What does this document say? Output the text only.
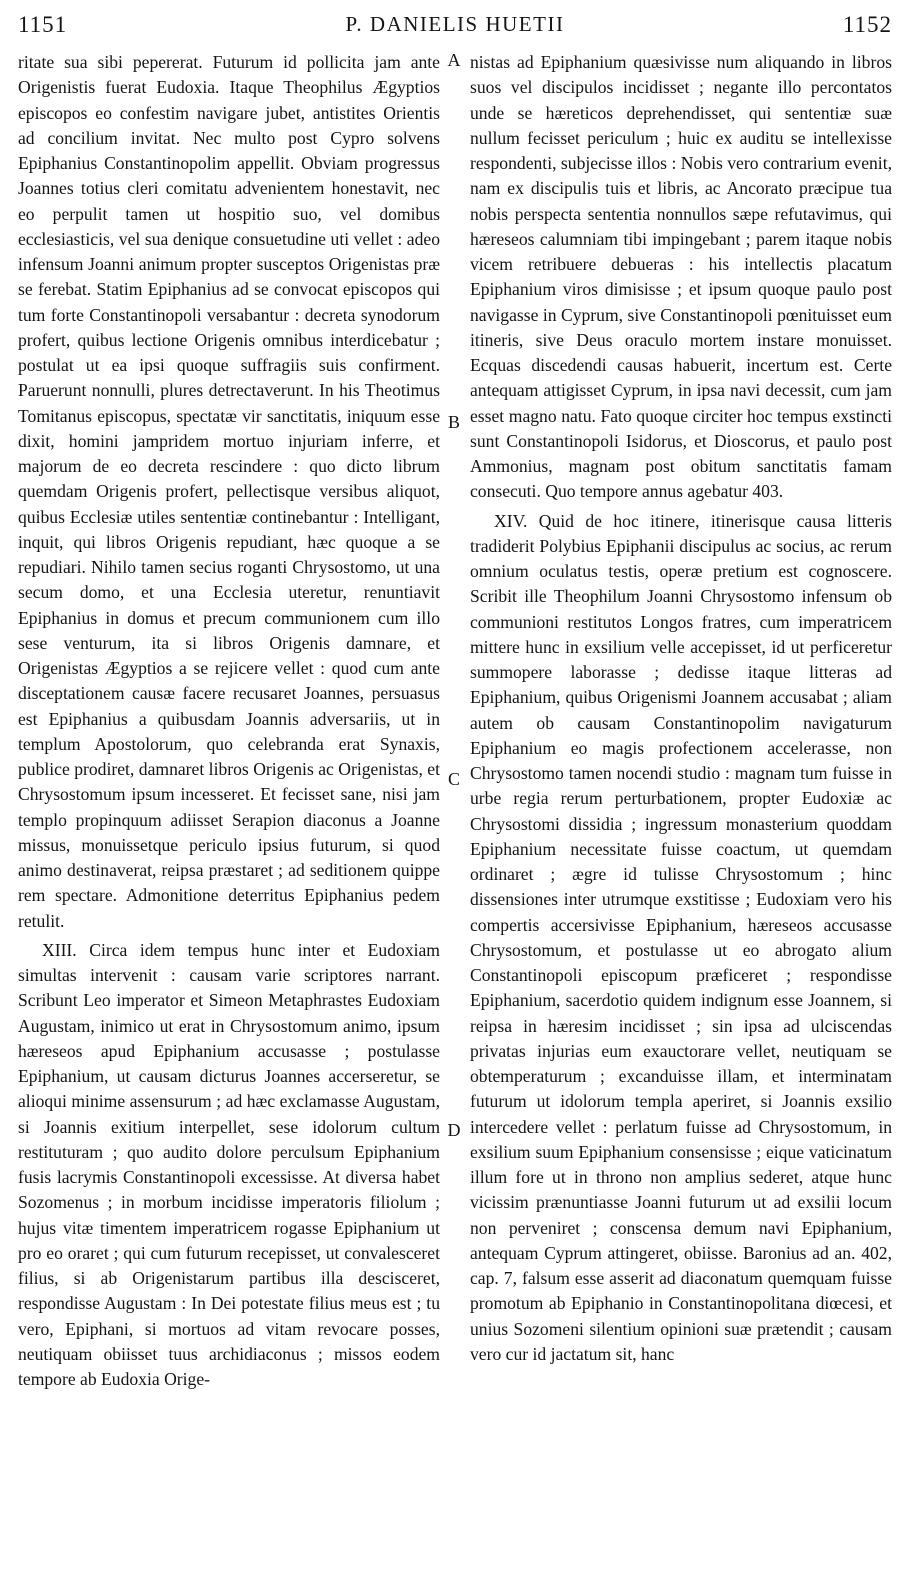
1151	P. DANIELIS HUETII	1152

ritate sua sibi pepererat. Futurum id pollicita jam ante Origenistis fuerat Eudoxia. Itaque Theophilus Ægyptios episcopos eo confestim navigare jubet, antistites Orientis ad concilium invitat. Nec multo post Cypro solvens Epiphanius Constantinopolim appellit. Obviam progressus Joannes totius cleri comitatu advenientem honestavit, nec eo perpulit tamen ut hospitio suo, vel domibus ecclesiasticis, vel sua denique consuetudine uti vellet : adeo infensum Joanni animum propter susceptos Origenistas præ se ferebat. Statim Epiphanius ad se convocat episcopos qui tum forte Constantinopoli versabantur : decreta synodorum profert, quibus lectione Origenis omnibus interdicebatur ; postulat ut ea ipsi quoque suffragiis suis confirment. Paruerunt nonnulli, plures detrectaverunt. In his Theotimus Tomitanus episcopus, spectatæ vir sanctitatis, iniquum esse dixit, homini jampridem mortuo injuriam inferre, et majorum de eo decreta rescindere : quo dicto librum quemdam Origenis profert, pellectisque versibus aliquot, quibus Ecclesiæ utiles sententiæ continebantur : Intelligant, inquit, qui libros Origenis repudiant, hæc quoque a se repudiari. Nihilo tamen secius roganti Chrysostomo, ut una secum domo, et una Ecclesia uteretur, renuntiavit Epiphanius in domus et precum communionem cum illo sese venturum, ita si libros Origenis damnare, et Origenistas Ægyptios a se rejicere vellet : quod cum ante disceptationem causæ facere recusaret Joannes, persuasus est Epiphanius a quibusdam Joannis adversariis, ut in templum Apostolorum, quo celebranda erat Synaxis, publice prodiret, damnaret libros Origenis ac Origenistas, et Chrysostomum ipsum incesseret. Et fecisset sane, nisi jam templo propinquum adiisset Serapion diaconus a Joanne missus, monuissetque periculo ipsius futurum, si quod animo destinaverat, reipsa præstaret ; ad seditionem quippe rem spectare. Admonitione deterritus Epiphanius pedem retulit.

XIII. Circa idem tempus hunc inter et Eudoxiam simultas intervenit : causam varie scriptores narrant. Scribunt Leo imperator et Simeon Metaphrastes Eudoxiam Augustam, inimico ut erat in Chrysostomum animo, ipsum hæreseos apud Epiphanium accusasse ; postulasse Epiphanium, ut causam dicturus Joannes accerseretur, se alioqui minime assensurum ; ad hæc exclamasse Augustam, si Joannis exitium interpellet, sese idolorum cultum restituturam ; quo audito dolore perculsum Epiphanium fusis lacrymis Constantinopoli excessisse. At diversa habet Sozomenus ; in morbum incidisse imperatoris filiolum ; hujus vitæ timentem imperatricem rogasse Epiphanium ut pro eo oraret ; qui cum futurum recepisset, ut convalesceret filius, si ab Origenistarum partibus illa descisceret, respondisse Augustam : In Dei potestate filius meus est ; tu vero, Epiphani, si mortuos ad vitam revocare posses, neutiquam obiisset tuus archidiaconus ; missos eodem tempore ab Eudoxia Orige-

A
B
C
D

nistas ad Epiphanium quæsivisse num aliquando in libros suos vel discipulos incidisset ; negante illo percontatos unde se hæreticos deprehendisset, qui sententiæ suæ nullum fecisset periculum ; huic ex auditu se intellexisse respondenti, subjecisse illos : Nobis vero contrarium evenit, nam ex discipulis tuis et libris, ac Ancorato præcipue tua nobis perspecta sententia nonnullos sæpe refutavimus, qui hæreseos calumniam tibi impingebant ; parem itaque nobis vicem retribuere debueras : his intellectis placatum Epiphanium viros dimisisse ; et ipsum quoque paulo post navigasse in Cyprum, sive Constantinopoli pœnituisset eum itineris, sive Deus oraculo mortem instare monuisset. Ecquas discedendi causas habuerit, incertum est. Certe antequam attigisset Cyprum, in ipsa navi decessit, cum jam esset magno natu. Fato quoque circiter hoc tempus exstincti sunt Constantinopoli Isidorus, et Dioscorus, et paulo post Ammonius, magnam post obitum sanctitatis famam consecuti. Quo tempore annus agebatur 403.

XIV. Quid de hoc itinere, itinerisque causa litteris tradiderit Polybius Epiphanii discipulus ac socius, ac rerum omnium oculatus testis, operæ pretium est cognoscere. Scribit ille Theophilum Joanni Chrysostomo infensum ob communioni restitutos Longos fratres, cum imperatricem mittere hunc in exsilium velle accepisset, id ut perficeretur summopere laborasse ; dedisse itaque litteras ad Epiphanium, quibus Origenismi Joannem accusabat ; aliam autem ob causam Constantinopolim navigaturum Epiphanium eo magis profectionem accelerasse, non Chrysostomo tamen nocendi studio : magnam tum fuisse in urbe regia rerum perturbationem, propter Eudoxiæ ac Chrysostomi dissidia ; ingressum monasterium quoddam Epiphanium necessitate fuisse coactum, ut quemdam ordinaret ; ægre id tulisse Chrysostomum ; hinc dissensiones inter utrumque exstitisse ; Eudoxiam vero his compertis accersivisse Epiphanium, hæreseos accusasse Chrysostomum, et postulasse ut eo abrogato alium Constantinopoli episcopum præficeret ; respondisse Epiphanium, sacerdotio quidem indignum esse Joannem, si reipsa in hæresim incidisset ; sin ipsa ad ulciscendas privatas injurias eum exauctorare vellet, neutiquam se obtemperaturum ; excanduisse illam, et interminatam futurum ut idolorum templa aperiret, si Joannis exsilio intercedere vellet : perlatum fuisse ad Chrysostomum, in exsilium suum Epiphanium consensisse ; eique vaticinatum illum fore ut in throno non amplius sederet, atque hunc vicissim prænuntiasse Joanni futurum ut ad exsilii locum non perveniret ; conscensa demum navi Epiphanium, antequam Cyprum attingeret, obiisse. Baronius ad an. 402, cap. 7, falsum esse asserit ad diaconatum quemquam fuisse promotum ab Epiphanio in Constantinopolitana diœcesi, et unius Sozomeni silentium opinioni suæ prætendit ; causam vero cur id jactatum sit, hanc
